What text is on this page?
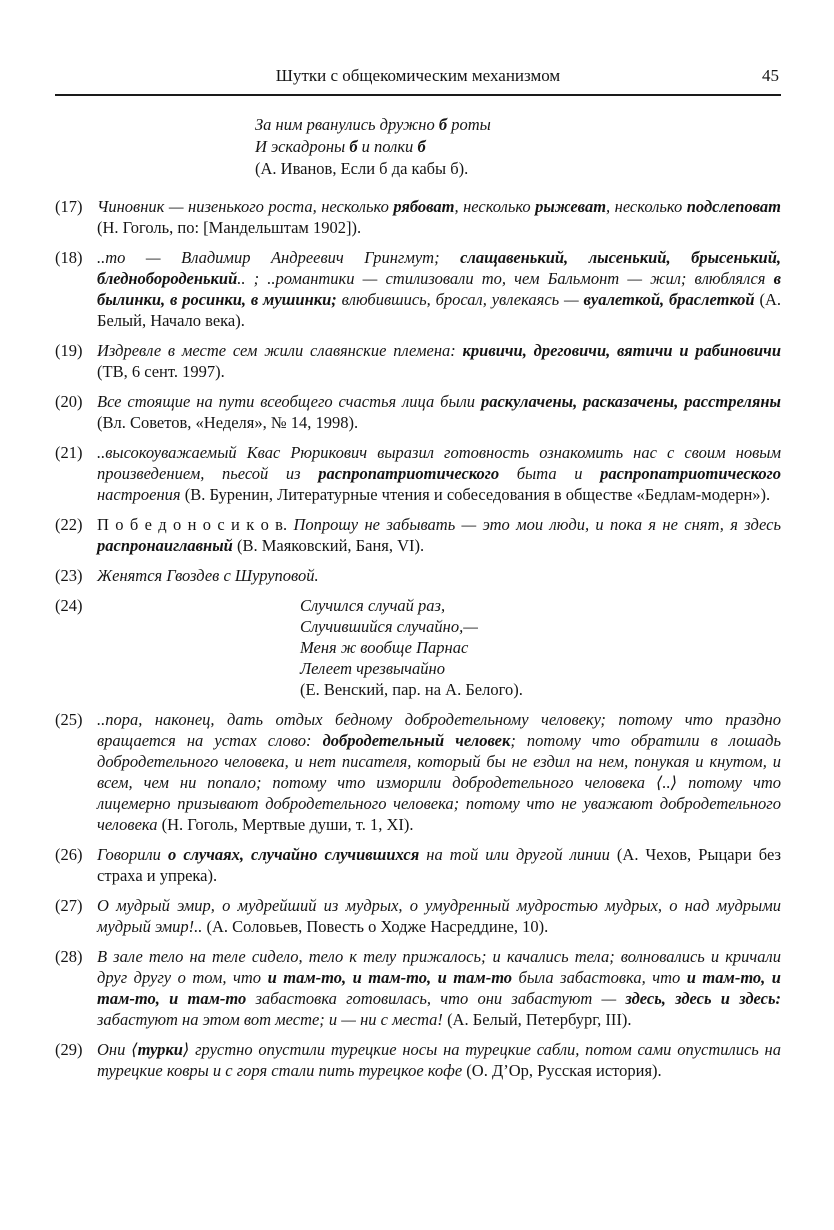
Шутки с общекомическим механизмом	45
За ним рванулись дружно б роты
И эскадроны б и полки б
(А. Иванов, Если б да кабы б).
(17) Чиновник — низенького роста, несколько рябоват, несколько рыжеват, несколько подслеповат (Н. Гоголь, по: [Мандельштам 1902]).
(18) ..то — Владимир Андреевич Грингмут; слащавенький, лысенький, брысенький, бледнобороденький.. ; ..романтики — стилизовали то, чем Бальмонт — жил; влюблялся в былинки, в росинки, в мушинки; влюбившись, бросал, увлекаясь — вуалеткой, браслеткой (А. Белый, Начало века).
(19) Издревле в месте сем жили славянские племена: кривичи, дреговичи, вятичи и рабиновичи (ТВ, 6 сент. 1997).
(20) Все стоящие на пути всеобщего счастья лица были раскулачены, расказачены, расстреляны (Вл. Советов, «Неделя», № 14, 1998).
(21) ..высокоуважаемый Квас Рюрикович выразил готовность ознакомить нас с своим новым произведением, пьесой из распропатриотического быта и распропатриотического настроения (В. Буренин, Литературные чтения и собеседования в обществе «Бедлам-модерн»).
(22) П о б е д о н о с и к о в. Попрошу не забывать — это мои люди, и пока я не снят, я здесь распронаиглавный (В. Маяковский, Баня, VI).
(23) Женятся Гвоздев с Шуруповой.
(24)	Случился случай раз,
Случившийся случайно,—
Меня ж вообще Парнас
Лелеет чрезвычайно
(Е. Венский, пар. на А. Белого).
(25) ..пора, наконец, дать отдых бедному добродетельному человеку; потому что праздно вращается на устах слово: добродетельный человек; потому что обратили в лошадь добродетельного человека, и нет писателя, который бы не ездил на нем, понукая и кнутом, и всем, чем ни попало; потому что изморили добродетельного человека ⟨..⟩ потому что лицемерно призывают добродетельного человека; потому что не уважают добродетельного человека (Н. Гоголь, Мертвые души, т. 1, XI).
(26) Говорили о случаях, случайно случившихся на той или другой линии (А. Чехов, Рыцари без страха и упрека).
(27) О мудрый эмир, о мудрейший из мудрых, о умудренный мудростью мудрых, о над мудрыми мудрый эмир!.. (А. Соловьев, Повесть о Ходже Насреддине, 10).
(28) В зале тело на теле сидело, тело к телу прижалось; и качались тела; волновались и кричали друг другу о том, что и там-то, и там-то, и там-то была забастовка, что и там-то, и там-то, и там-то забастовка готовилась, что они забастуют — здесь, здесь и здесь: забастуют на этом вот месте; и — ни с места! (А. Белый, Петербург, III).
(29) Они ⟨турки⟩ грустно опустили турецкие носы на турецкие сабли, потом сами опустились на турецкие ковры и с горя стали пить турецкое кофе (О. Д’Ор, Русская история).
